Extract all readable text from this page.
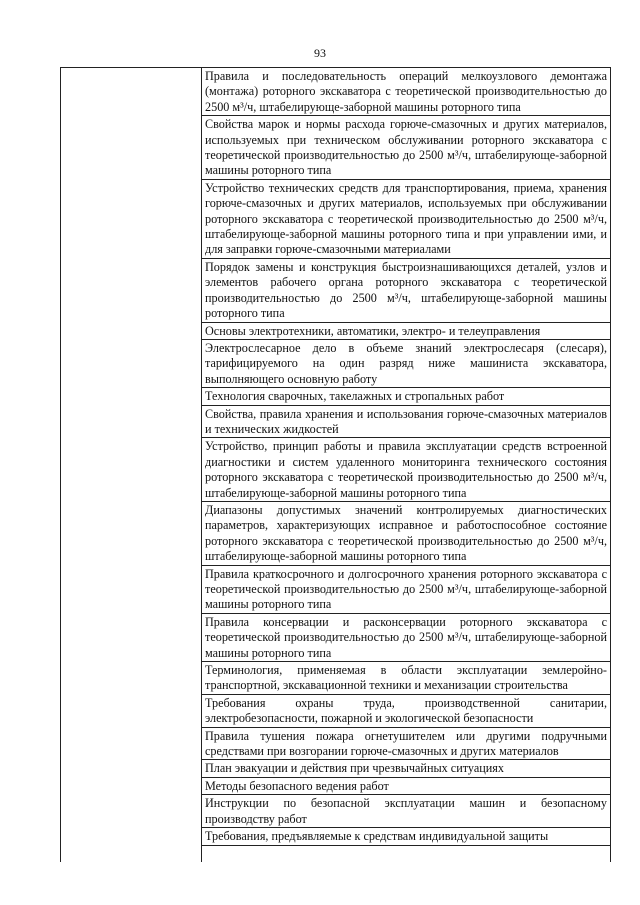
93
Правила и последовательность операций мелкоузлового демонтажа (монтажа) роторного экскаватора с теоретической производительностью до 2500 м³/ч, штабелирующе-заборной машины роторного типа
Свойства марок и нормы расхода горюче-смазочных и других материалов, используемых при техническом обслуживании роторного экскаватора с теоретической производительностью до 2500 м³/ч, штабелирующе-заборной машины роторного типа
Устройство технических средств для транспортирования, приема, хранения горюче-смазочных и других материалов, используемых при обслуживании роторного экскаватора с теоретической производительностью до 2500 м³/ч, штабелирующе-заборной машины роторного типа и при управлении ими, и для заправки горюче-смазочными материалами
Порядок замены и конструкция быстроизнашивающихся деталей, узлов и элементов рабочего органа роторного экскаватора с теоретической производительностью до 2500 м³/ч, штабелирующе-заборной машины роторного типа
Основы электротехники, автоматики, электро- и телеуправления
Электрослесарное дело в объеме знаний электрослесаря (слесаря), тарифицируемого на один разряд ниже машиниста экскаватора, выполняющего основную работу
Технология сварочных, такелажных и стропальных работ
Свойства, правила хранения и использования горюче-смазочных материалов и технических жидкостей
Устройство, принцип работы и правила эксплуатации средств встроенной диагностики и систем удаленного мониторинга технического состояния роторного экскаватора с теоретической производительностью до 2500 м³/ч, штабелирующе-заборной машины роторного типа
Диапазоны допустимых значений контролируемых диагностических параметров, характеризующих исправное и работоспособное состояние роторного экскаватора с теоретической производительностью до 2500 м³/ч, штабелирующе-заборной машины роторного типа
Правила краткосрочного и долгосрочного хранения роторного экскаватора с теоретической производительностью до 2500 м³/ч, штабелирующе-заборной машины роторного типа
Правила консервации и расконсервации роторного экскаватора с теоретической производительностью до 2500 м³/ч, штабелирующе-заборной машины роторного типа
Терминология, применяемая в области эксплуатации землеройно-транспортной, экскавационной техники и механизации строительства
Требования охраны труда, производственной санитарии, электробезопасности, пожарной и экологической безопасности
Правила тушения пожара огнетушителем или другими подручными средствами при возгорании горюче-смазочных и других материалов
План эвакуации и действия при чрезвычайных ситуациях
Методы безопасного ведения работ
Инструкции по безопасной эксплуатации машин и безопасному производству работ
Требования, предъявляемые к средствам индивидуальной защиты
